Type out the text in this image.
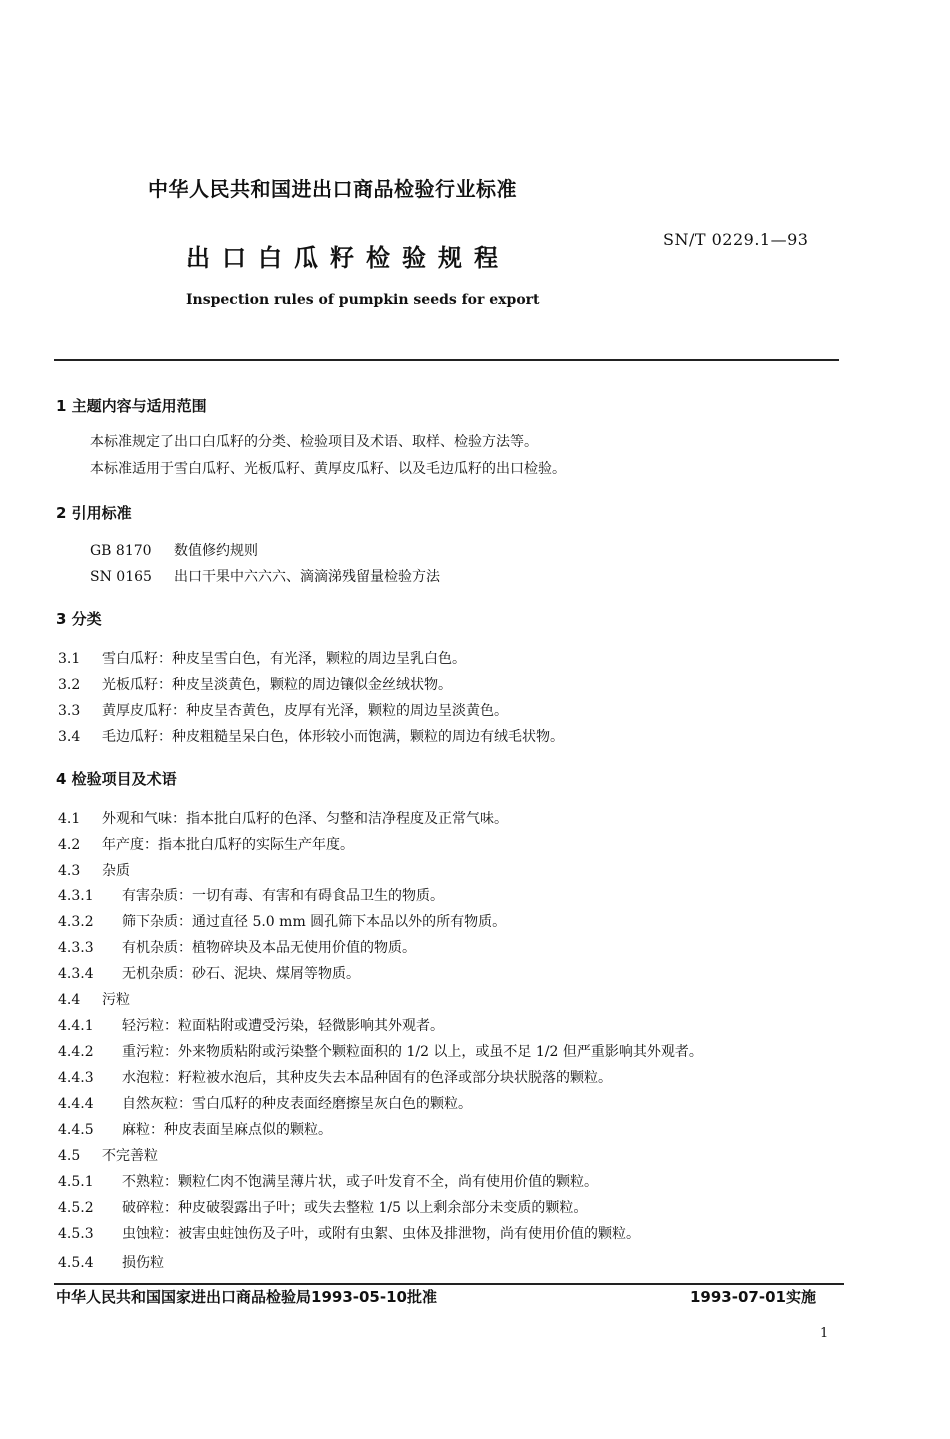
中华人民共和国进出口商品检验行业标准
SN/T 0229.1—93
出口白瓜籽检验规程
Inspection rules of pumpkin seeds for export
1 主题内容与适用范围
本标准规定了出口白瓜籽的分类、检验项目及术语、取样、检验方法等。
本标准适用于雪白瓜籽、光板瓜籽、黄厚皮瓜籽、以及毛边瓜籽的出口检验。
2 引用标准
GB 8170 数值修约规则
SN 0165 出口干果中六六六、滴滴涕残留量检验方法
3 分类
3.1 雪白瓜籽：种皮呈雪白色，有光泽，颗粒的周边呈乳白色。
3.2 光板瓜籽：种皮呈淡黄色，颗粒的周边镶似金丝绒状物。
3.3 黄厚皮瓜籽：种皮呈杏黄色，皮厚有光泽，颗粒的周边呈淡黄色。
3.4 毛边瓜籽：种皮粗糙呈呆白色，体形较小而饱满，颗粒的周边有绒毛状物。
4 检验项目及术语
4.1 外观和气味：指本批白瓜籽的色泽、匀整和洁净程度及正常气味。
4.2 年产度：指本批白瓜籽的实际生产年度。
4.3 杂质
4.3.1 有害杂质：一切有毒、有害和有碍食品卫生的物质。
4.3.2 筛下杂质：通过直径 5.0 mm 圆孔筛下本品以外的所有物质。
4.3.3 有机杂质：植物碎块及本品无使用价值的物质。
4.3.4 无机杂质：砂石、泥块、煤屑等物质。
4.4 污粒
4.4.1 轻污粒：粒面粘附或遭受污染，轻微影响其外观者。
4.4.2 重污粒：外来物质粘附或污染整个颗粒面积的 1/2 以上，或虽不足 1/2 但严重影响其外观者。
4.4.3 水泡粒：籽粒被水泡后，其种皮失去本品种固有的色泽或部分块状脱落的颗粒。
4.4.4 自然灰粒：雪白瓜籽的种皮表面经磨擦呈灰白色的颗粒。
4.4.5 麻粒：种皮表面呈麻点似的颗粒。
4.5 不完善粒
4.5.1 不熟粒：颗粒仁肉不饱满呈薄片状，或子叶发育不全，尚有使用价值的颗粒。
4.5.2 破碎粒：种皮破裂露出子叶；或失去整粒 1/5 以上剩余部分未变质的颗粒。
4.5.3 虫蚀粒：被害虫蛀蚀伤及子叶，或附有虫絮、虫体及排泄物，尚有使用价值的颗粒。
4.5.4 损伤粒
中华人民共和国国家进出口商品检验局1993-05-10批准	1993-07-01实施
1
